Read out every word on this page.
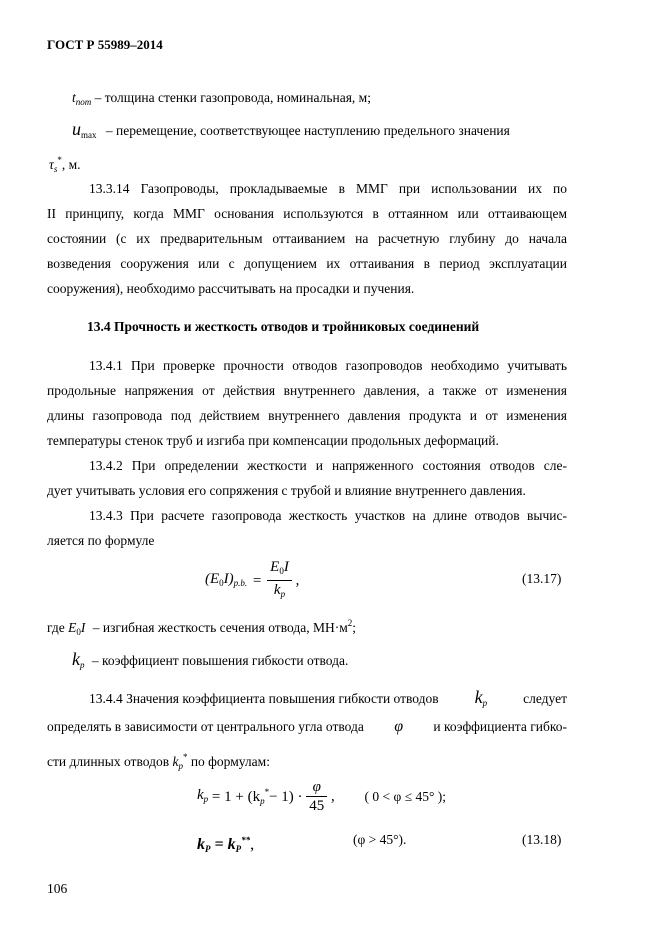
ГОСТ Р 55989–2014
$t_{nom}$ – толщина стенки газопровода, номинальная, м;
$u_{max}$ – перемещение, соответствующее наступлению предельного значения
$\tau_s^*$, м.
13.3.14 Газопроводы, прокладываемые в ММГ при использовании их по
II принципу, когда ММГ основания используются в оттаянном или оттаивающем
состоянии (с их предварительным оттаиванием на расчетную глубину до начала
возведения сооружения или с допущением их оттаивания в период эксплуатации
сооружения), необходимо рассчитывать на просадки и пучения.
13.4 Прочность и жесткость отводов и тройниковых соединений
13.4.1 При проверке прочности отводов газопроводов необходимо учитывать
продольные напряжения от действия внутреннего давления, а также от изменения
длины газопровода под действием внутреннего давления продукта и от изменения
температуры стенок труб и изгиба при компенсации продольных деформаций.
13.4.2 При определении жесткости и напряженного состояния отводов сле-
дует учитывать условия его сопряжения с трубой и влияние внутреннего давления.
13.4.3 При расчете газопровода жесткость участков на длине отводов вычис-
ляется по формуле
$(E_0I)_{p.b.} = \frac{E_0I}{k_p}$ ,	(13.17)
где $E_0I$ – изгибная жесткость сечения отвода, $МН\cdot м^2$;
$k_p$ – коэффициент повышения гибкости отвода.
13.4.4 Значения коэффициента повышения гибкости отводов $k_p$	следует
определять в зависимости от центрального угла отвода φ и коэффициента гибко-
сти длинных отводов $k_p^*$ по формулам:
$k_p = 1 + (k_p^*- 1) \cdot \frac{\varphi}{45}$ , ( 0 < φ ≤ 45° );
$k_P = k_P^{**}$,	(φ > 45°).	(13.18)
106
